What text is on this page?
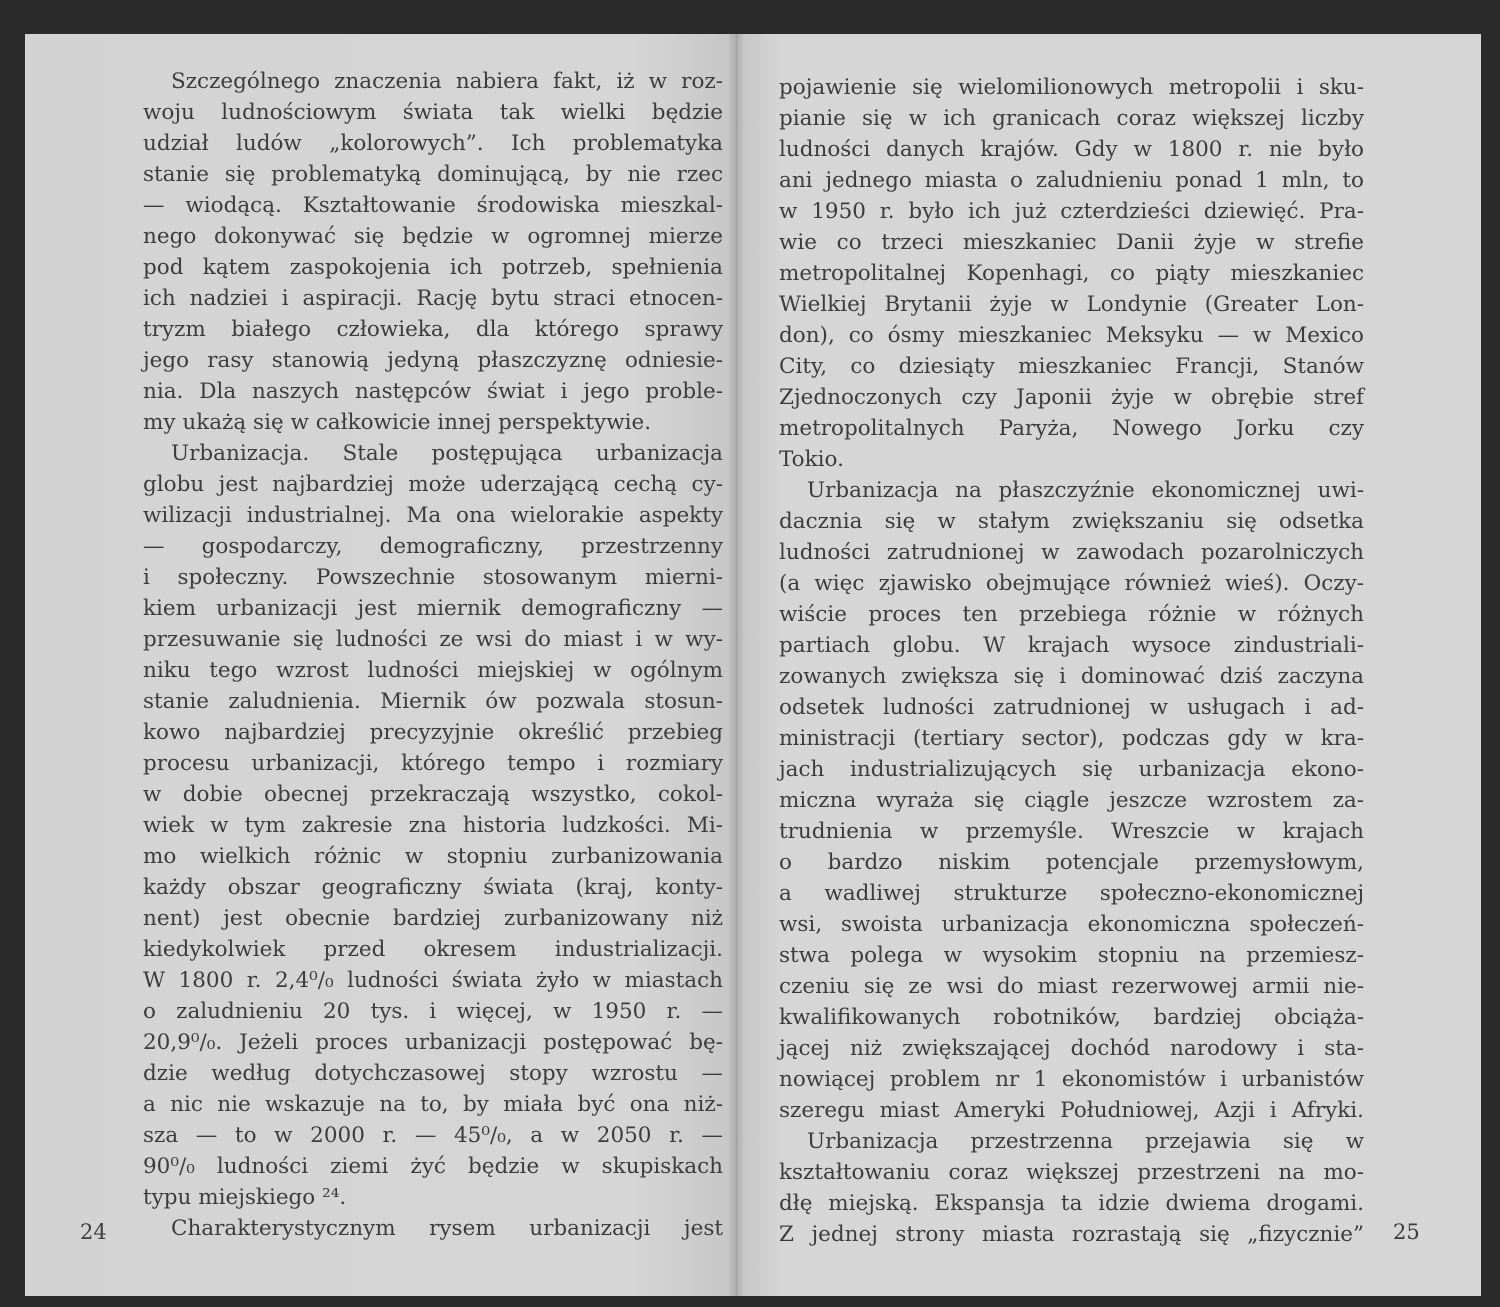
Szczególnego znaczenia nabiera fakt, iż w roz-
woju ludnościowym świata tak wielki będzie
udział ludów „kolorowych”. Ich problematyka
stanie się problematyką dominującą, by nie rzec
— wiodącą. Kształtowanie środowiska mieszkal-
nego dokonywać się będzie w ogromnej mierze
pod kątem zaspokojenia ich potrzeb, spełnienia
ich nadziei i aspiracji. Rację bytu straci etnocen-
tryzm białego człowieka, dla którego sprawy
jego rasy stanowią jedyną płaszczyznę odniesie-
nia. Dla naszych następców świat i jego proble-
my ukażą się w całkowicie innej perspektywie.
Urbanizacja. Stale postępująca urbanizacja
globu jest najbardziej może uderzającą cechą cy-
wilizacji industrialnej. Ma ona wielorakie aspekty
— gospodarczy, demograficzny, przestrzenny
i społeczny. Powszechnie stosowanym mierni-
kiem urbanizacji jest miernik demograficzny —
przesuwanie się ludności ze wsi do miast i w wy-
niku tego wzrost ludności miejskiej w ogólnym
stanie zaludnienia. Miernik ów pozwala stosun-
kowo najbardziej precyzyjnie określić przebieg
procesu urbanizacji, którego tempo i rozmiary
w dobie obecnej przekraczają wszystko, cokol-
wiek w tym zakresie zna historia ludzkości. Mi-
mo wielkich różnic w stopniu zurbanizowania
każdy obszar geograficzny świata (kraj, konty-
nent) jest obecnie bardziej zurbanizowany niż
kiedykolwiek przed okresem industrializacji.
W 1800 r. 2,4⁰/₀ ludności świata żyło w miastach
o zaludnieniu 20 tys. i więcej, w 1950 r. —
20,9⁰/₀. Jeżeli proces urbanizacji postępować bę-
dzie według dotychczasowej stopy wzrostu —
a nic nie wskazuje na to, by miała być ona niż-
sza — to w 2000 r. — 45⁰/₀, a w 2050 r. —
90⁰/₀ ludności ziemi żyć będzie w skupiskach
typu miejskiego ²⁴.
Charakterystycznym rysem urbanizacji jest
pojawienie się wielomilionowych metropolii i sku-
pianie się w ich granicach coraz większej liczby
ludności danych krajów. Gdy w 1800 r. nie było
ani jednego miasta o zaludnieniu ponad 1 mln, to
w 1950 r. było ich już czterdzieści dziewięć. Pra-
wie co trzeci mieszkaniec Danii żyje w strefie
metropolitalnej Kopenhagi, co piąty mieszkaniec
Wielkiej Brytanii żyje w Londynie (Greater Lon-
don), co ósmy mieszkaniec Meksyku — w Mexico
City, co dziesiąty mieszkaniec Francji, Stanów
Zjednoczonych czy Japonii żyje w obrębie stref
metropolitalnych Paryża, Nowego Jorku czy
Tokio.
Urbanizacja na płaszczyźnie ekonomicznej uwi-
dacznia się w stałym zwiększaniu się odsetka
ludności zatrudnionej w zawodach pozarolniczych
(a więc zjawisko obejmujące również wieś). Oczy-
wiście proces ten przebiega różnie w różnych
partiach globu. W krajach wysoce zindustriali-
zowanych zwiększa się i dominować dziś zaczyna
odsetek ludności zatrudnionej w usługach i ad-
ministracji (tertiary sector), podczas gdy w kra-
jach industrializujących się urbanizacja ekono-
miczna wyraża się ciągle jeszcze wzrostem za-
trudnienia w przemyśle. Wreszcie w krajach
o bardzo niskim potencjale przemysłowym,
a wadliwej strukturze społeczno-ekonomicznej
wsi, swoista urbanizacja ekonomiczna społeczeń-
stwa polega w wysokim stopniu na przemiesz-
czeniu się ze wsi do miast rezerwowej armii nie-
kwalifikowanych robotników, bardziej obciąża-
jącej niż zwiększającej dochód narodowy i sta-
nowiącej problem nr 1 ekonomistów i urbanistów
szeregu miast Ameryki Południowej, Azji i Afryki.
Urbanizacja przestrzenna przejawia się w
kształtowaniu coraz większej przestrzeni na mo-
dłę miejską. Ekspansja ta idzie dwiema drogami.
Z jednej strony miasta rozrastają się „fizycznie”
24	25
